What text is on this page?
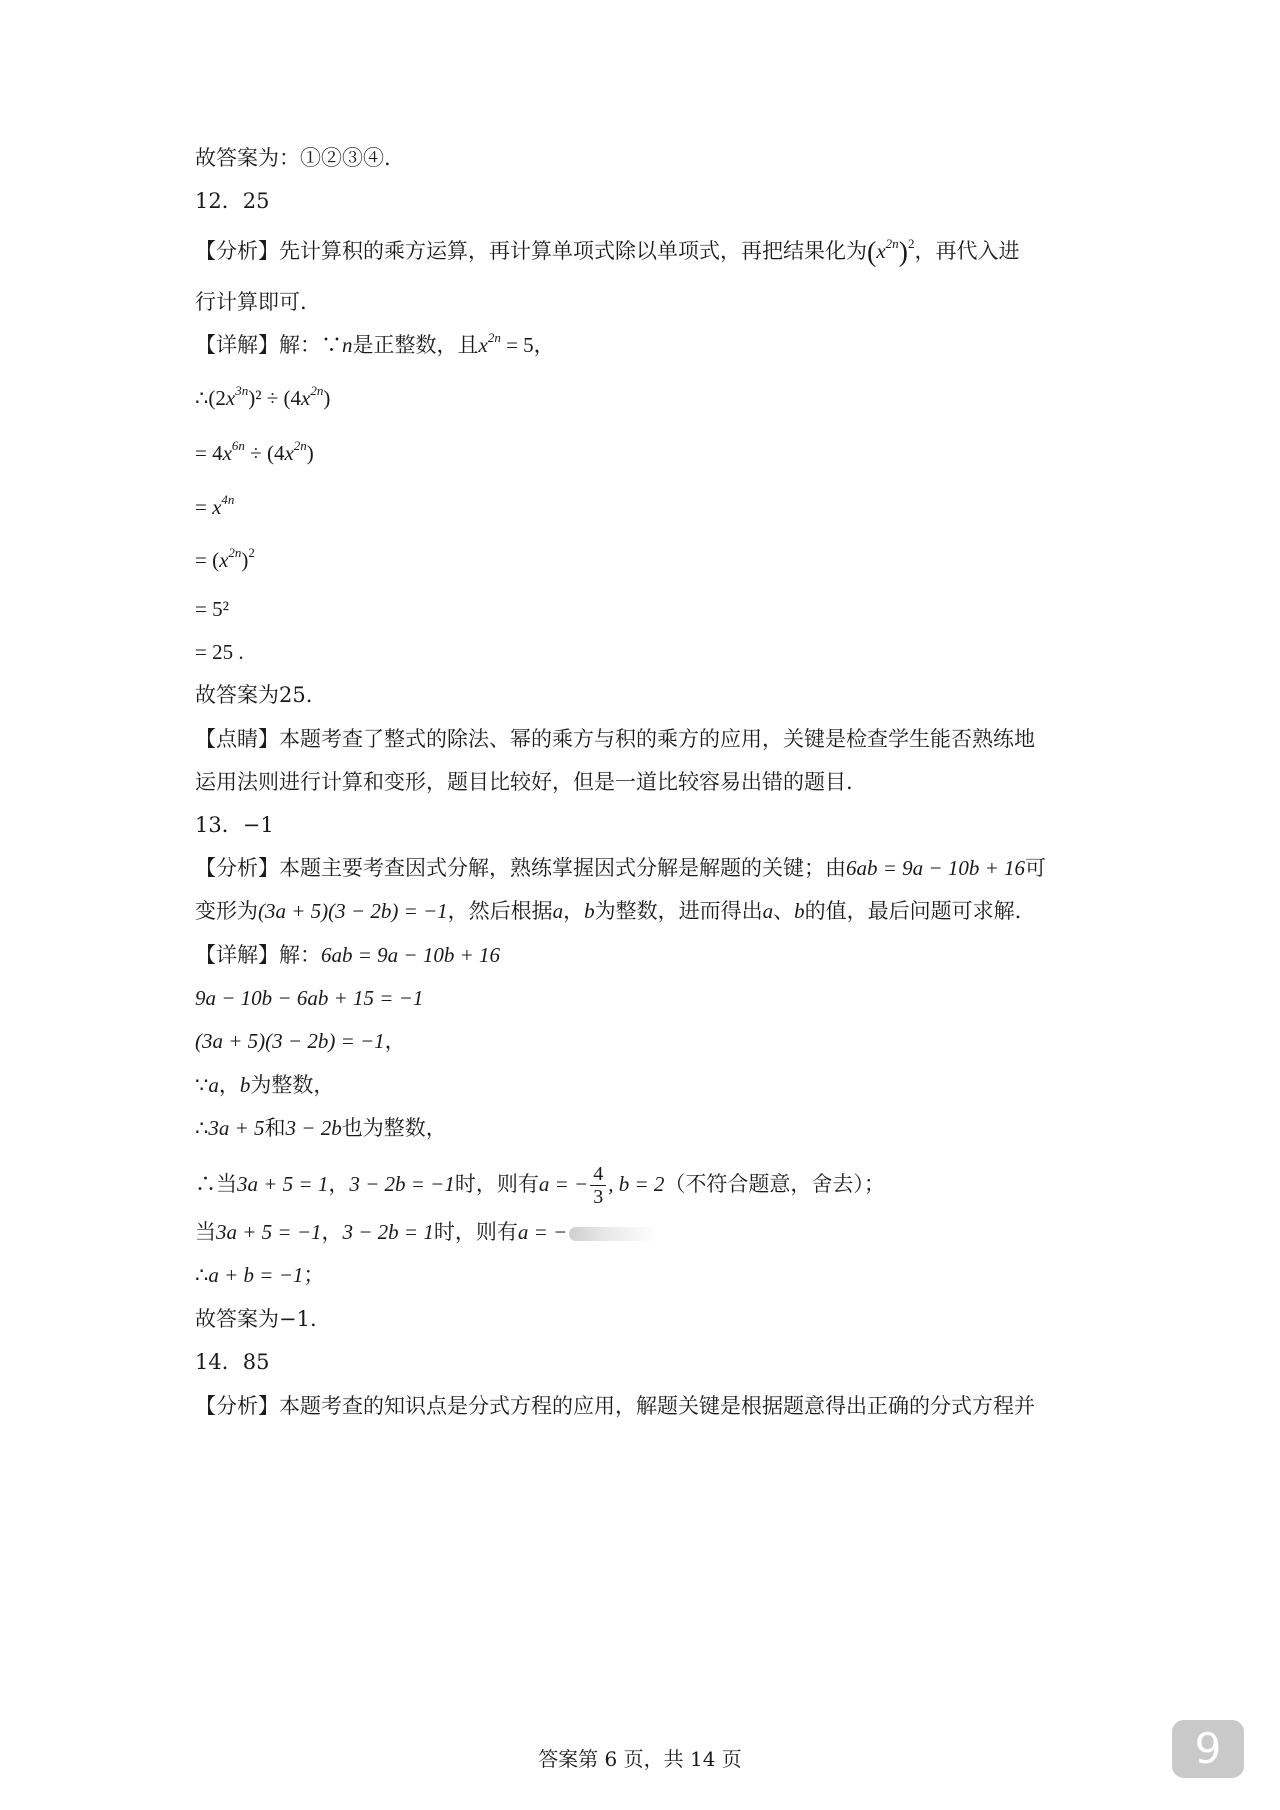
故答案为：①②③④.
12．25
【分析】先计算积的乘方运算，再计算单项式除以单项式，再把结果化为$(x^{2n})^2$，再代入进
行计算即可.
【详解】解：∵n是正整数，且$x^{2n} = 5$，
$\therefore(2x^{3n})^2 \div (4x^{2n})$
= $4x^{6n} \div (4x^{2n})$
= $x^{4n}$
= $(x^{2n})^2$
= 5²
= 25 .
故答案为25.
【点睛】本题考查了整式的除法、幂的乘方与积的乘方的应用，关键是检查学生能否熟练地
运用法则进行计算和变形，题目比较好，但是一道比较容易出错的题目.
13．−1
【分析】本题主要考查因式分解，熟练掌握因式分解是解题的关键；由6ab = 9a − 10b + 16可
变形为(3a + 5)(3 − 2b) = −1，然后根据a，b为整数，进而得出a、b的值，最后问题可求解.
【详解】解：6ab = 9a − 10b + 16
9a − 10b − 6ab + 15 = −1
(3a + 5)(3 − 2b) = −1，
∵a，b为整数，
∴3a + 5和3 − 2b也为整数，
∴当3a + 5 = 1，3 − 2b = −1时，则有a = − $\frac{4}{3}$ , b = 2（不符合题意，舍去）；
当3a + 5 = −1，3 − 2b = 1时，则有a = −
∴a + b = −1；
故答案为−1.
14．85
【分析】本题考查的知识点是分式方程的应用，解题关键是根据题意得出正确的分式方程并
答案第 6 页，共 14 页	9
